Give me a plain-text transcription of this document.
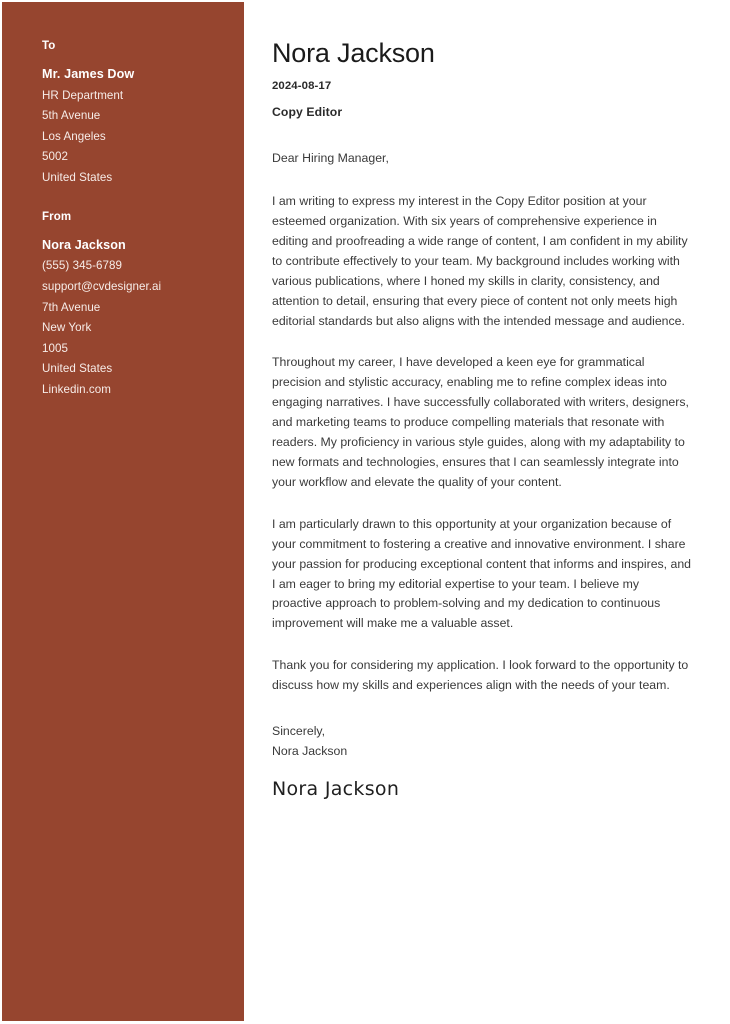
To
Mr. James Dow
HR Department
5th Avenue
Los Angeles
5002
United States
From
Nora Jackson
(555) 345-6789
support@cvdesigner.ai
7th Avenue
New York
1005
United States
Linkedin.com
Nora Jackson
2024-08-17
Copy Editor

Dear Hiring Manager,

I am writing to express my interest in the Copy Editor position at your esteemed organization. With six years of comprehensive experience in editing and proofreading a wide range of content, I am confident in my ability to contribute effectively to your team. My background includes working with various publications, where I honed my skills in clarity, consistency, and attention to detail, ensuring that every piece of content not only meets high editorial standards but also aligns with the intended message and audience.

Throughout my career, I have developed a keen eye for grammatical precision and stylistic accuracy, enabling me to refine complex ideas into engaging narratives. I have successfully collaborated with writers, designers, and marketing teams to produce compelling materials that resonate with readers. My proficiency in various style guides, along with my adaptability to new formats and technologies, ensures that I can seamlessly integrate into your workflow and elevate the quality of your content.

I am particularly drawn to this opportunity at your organization because of your commitment to fostering a creative and innovative environment. I share your passion for producing exceptional content that informs and inspires, and I am eager to bring my editorial expertise to your team. I believe my proactive approach to problem-solving and my dedication to continuous improvement will make me a valuable asset.

Thank you for considering my application. I look forward to the opportunity to discuss how my skills and experiences align with the needs of your team.

Sincerely,

Nora Jackson

Nora Jackson
